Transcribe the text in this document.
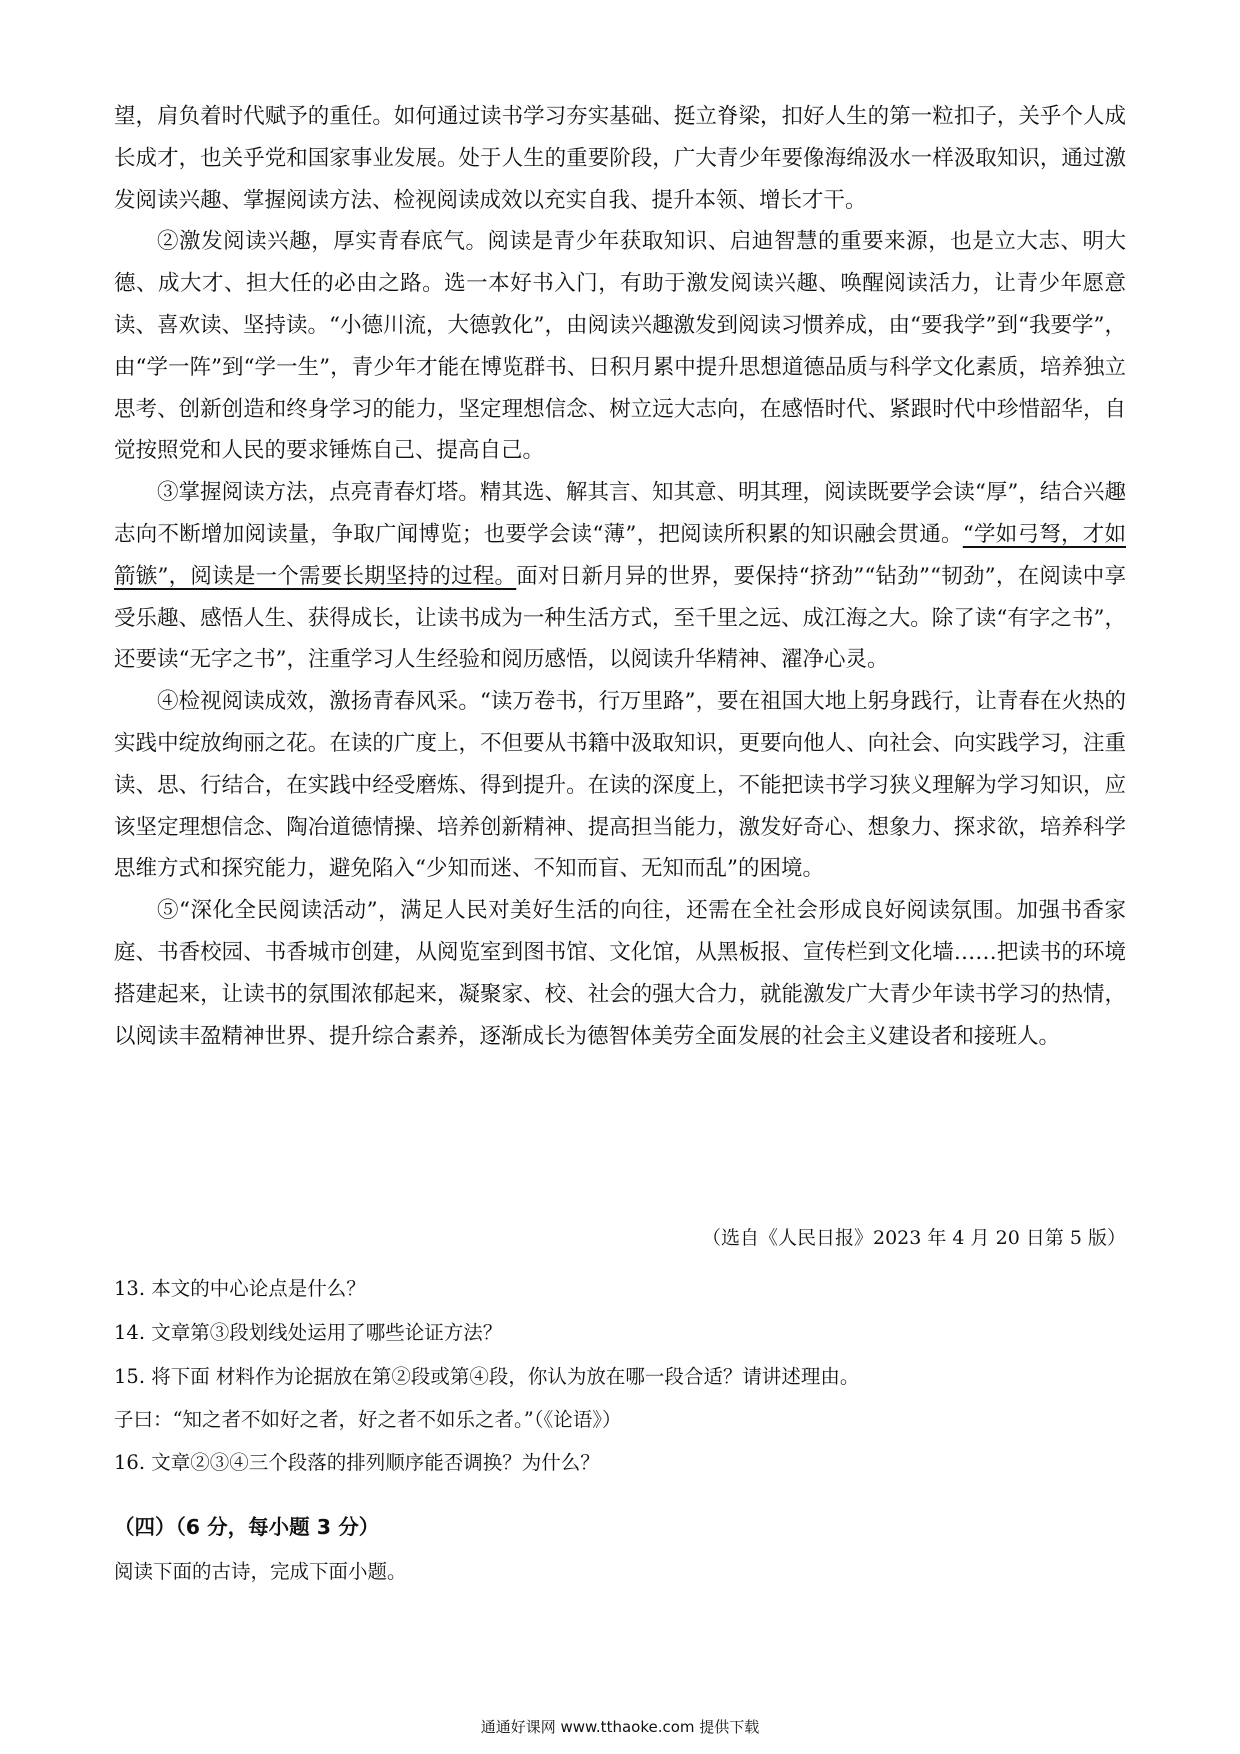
望，肩负着时代赋予的重任。如何通过读书学习夯实基础、挺立脊梁，扣好人生的第一粒扣子，关乎个人成长成才，也关乎党和国家事业发展。处于人生的重要阶段，广大青少年要像海绵汲水一样汲取知识，通过激发阅读兴趣、掌握阅读方法、检视阅读成效以充实自我、提升本领、增长才干。

②激发阅读兴趣，厚实青春底气。阅读是青少年获取知识、启迪智慧的重要来源，也是立大志、明大德、成大才、担大任的必由之路。选一本好书入门，有助于激发阅读兴趣、唤醒阅读活力，让青少年愿意读、喜欢读、坚持读。“小德川流，大德敦化”，由阅读兴趣激发到阅读习惯养成，由“要我学”到“我要学”，由“学一阵”到“学一生”，青少年才能在博览群书、日积月累中提升思想道德品质与科学文化素质，培养独立思考、创新创造和终身学习的能力，坚定理想信念、树立远大志向，在感悟时代、紧跟时代中珍惜韶华，自觉按照党和人民的要求锤炼自己、提高自己。

③掌握阅读方法，点亮青春灯塔。精其选、解其言、知其意、明其理，阅读既要学会读“厚”，结合兴趣志向不断增加阅读量，争取广闻博览；也要学会读“薄”，把阅读所积累的知识融会贯通。“学如弓弩，才如箭镞”，阅读是一个需要长期坚持的过程。面对日新月异的世界，要保持“挤劲”“钻劲”“韧劲”，在阅读中享受乐趣、感悟人生、获得成长，让读书成为一种生活方式，至千里之远、成江海之大。除了读“有字之书”，还要读“无字之书”，注重学习人生经验和阅历感悟，以阅读升华精神、濯净心灵。

④检视阅读成效，激扬青春风采。“读万卷书，行万里路”，要在祖国大地上躬身践行，让青春在火热的实践中绽放绚丽之花。在读的广度上，不但要从书籍中汲取知识，更要向他人、向社会、向实践学习，注重读、思、行结合，在实践中经受磨炼、得到提升。在读的深度上，不能把读书学习狭义理解为学习知识，应该坚定理想信念、陶冶道德情操、培养创新精神、提高担当能力，激发好奇心、想象力、探求欲，培养科学思维方式和探究能力，避免陷入“少知而迷、不知而盲、无知而乱”的困境。

⑤“深化全民阅读活动”，满足人民对美好生活的向往，还需在全社会形成良好阅读氛围。加强书香家庭、书香校园、书香城市创建，从阅览室到图书馆、文化馆，从黑板报、宣传栏到文化墙……把读书的环境搭建起来，让读书的氛围浓郁起来，凝聚家、校、社会的强大合力，就能激发广大青少年读书学习的热情，以阅读丰盈精神世界、提升综合素养，逐渐成长为德智体美劳全面发展的社会主义建设者和接班人。

（选自《人民日报》2023 年 4 月 20 日第 5 版）
13. 本文的中心论点是什么？
14. 文章第③段划线处运用了哪些论证方法？
15. 将下面 材料作为论据放在第②段或第④段，你认为放在哪一段合适？请讲述理由。
子曰：“知之者不如好之者，好之者不如乐之者。”（《论语》）
16. 文章②③④三个段落的排列顺序能否调换？为什么？
（四）（6 分，每小题 3 分）
阅读下面的古诗，完成下面小题。
通通好课网 www.tthaoke.com 提供下载
